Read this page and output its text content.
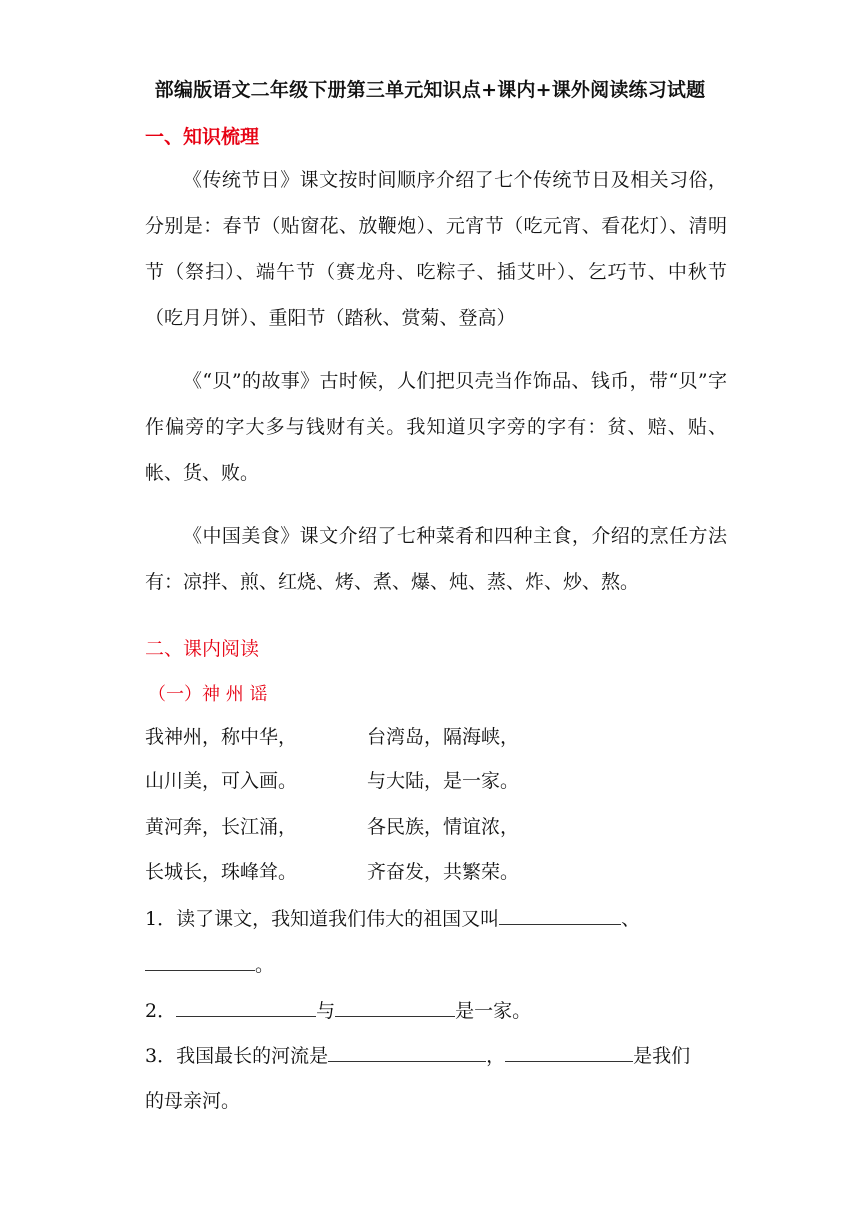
部编版语文二年级下册第三单元知识点+课内+课外阅读练习试题
一、知识梳理
《传统节日》课文按时间顺序介绍了七个传统节日及相关习俗，分别是：春节（贴窗花、放鞭炮）、元宵节（吃元宵、看花灯）、清明节（祭扫）、端午节（赛龙舟、吃粽子、插艾叶）、乞巧节、中秋节（吃月月饼）、重阳节（踏秋、赏菊、登高）
《“贝”的故事》古时候，人们把贝壳当作饰品、钱币，带“贝”字作偏旁的字大多与钱财有关。我知道贝字旁的字有：贫、赔、贴、帐、货、败。
《中国美食》课文介绍了七种菜肴和四种主食，介绍的烹任方法有：凉拌、煎、红烧、烤、煮、爆、炖、蒸、炸、炒、熬。
二、课内阅读
（一）神 州 谣
我神州，称中华，	台湾岛，隔海峡，
山川美，可入画。	与大陆，是一家。
黄河奔，长江涌，	各民族，情谊浓，
长城长，珠峰耸。	齐奋发，共繁荣。
1．读了课文，我知道我们伟大的祖国又叫	、
。
2．	与	是一家。
3．我国最长的河流是	，	是我们
的母亲河。
